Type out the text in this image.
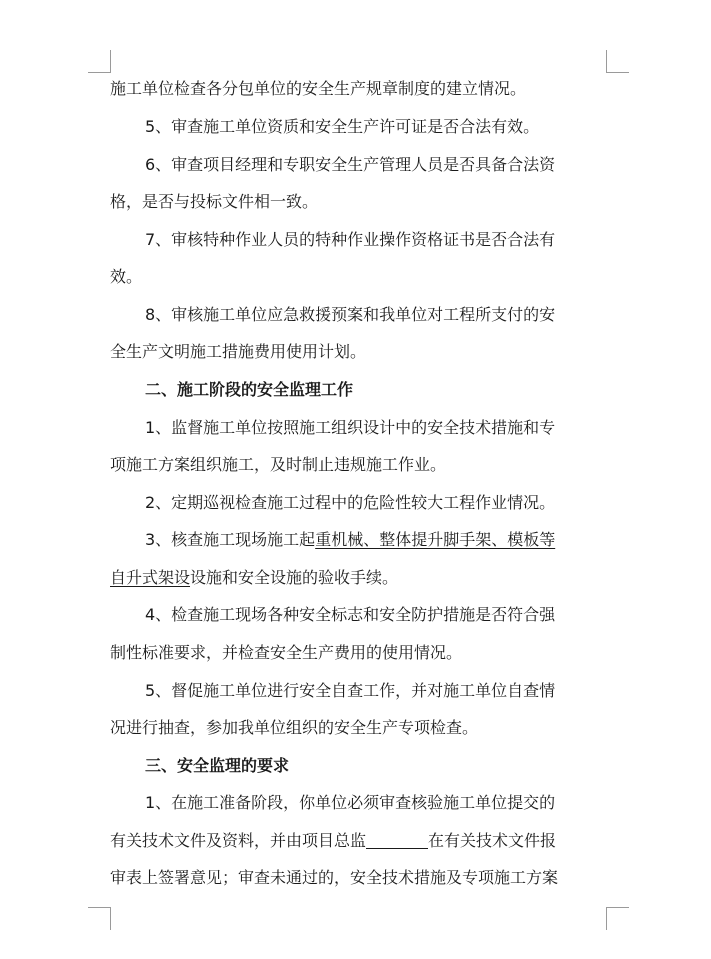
施工单位检查各分包单位的安全生产规章制度的建立情况。
5、审查施工单位资质和安全生产许可证是否合法有效。
6、审查项目经理和专职安全生产管理人员是否具备合法资
格，是否与投标文件相一致。
7、审核特种作业人员的特种作业操作资格证书是否合法有
效。
8、审核施工单位应急救援预案和我单位对工程所支付的安
全生产文明施工措施费用使用计划。
二、施工阶段的安全监理工作
1、监督施工单位按照施工组织设计中的安全技术措施和专
项施工方案组织施工，及时制止违规施工作业。
2、定期巡视检查施工过程中的危险性较大工程作业情况。
3、核查施工现场施工起重机械、整体提升脚手架、模板等
自升式架设设施和安全设施的验收手续。
4、检查施工现场各种安全标志和安全防护措施是否符合强
制性标准要求，并检查安全生产费用的使用情况。
5、督促施工单位进行安全自查工作，并对施工单位自查情
况进行抽查，参加我单位组织的安全生产专项检查。
三、安全监理的要求
1、在施工准备阶段，你单位必须审查核验施工单位提交的
有关技术文件及资料，并由项目总监	在有关技术文件报
审表上签署意见；审查未通过的，安全技术措施及专项施工方案
